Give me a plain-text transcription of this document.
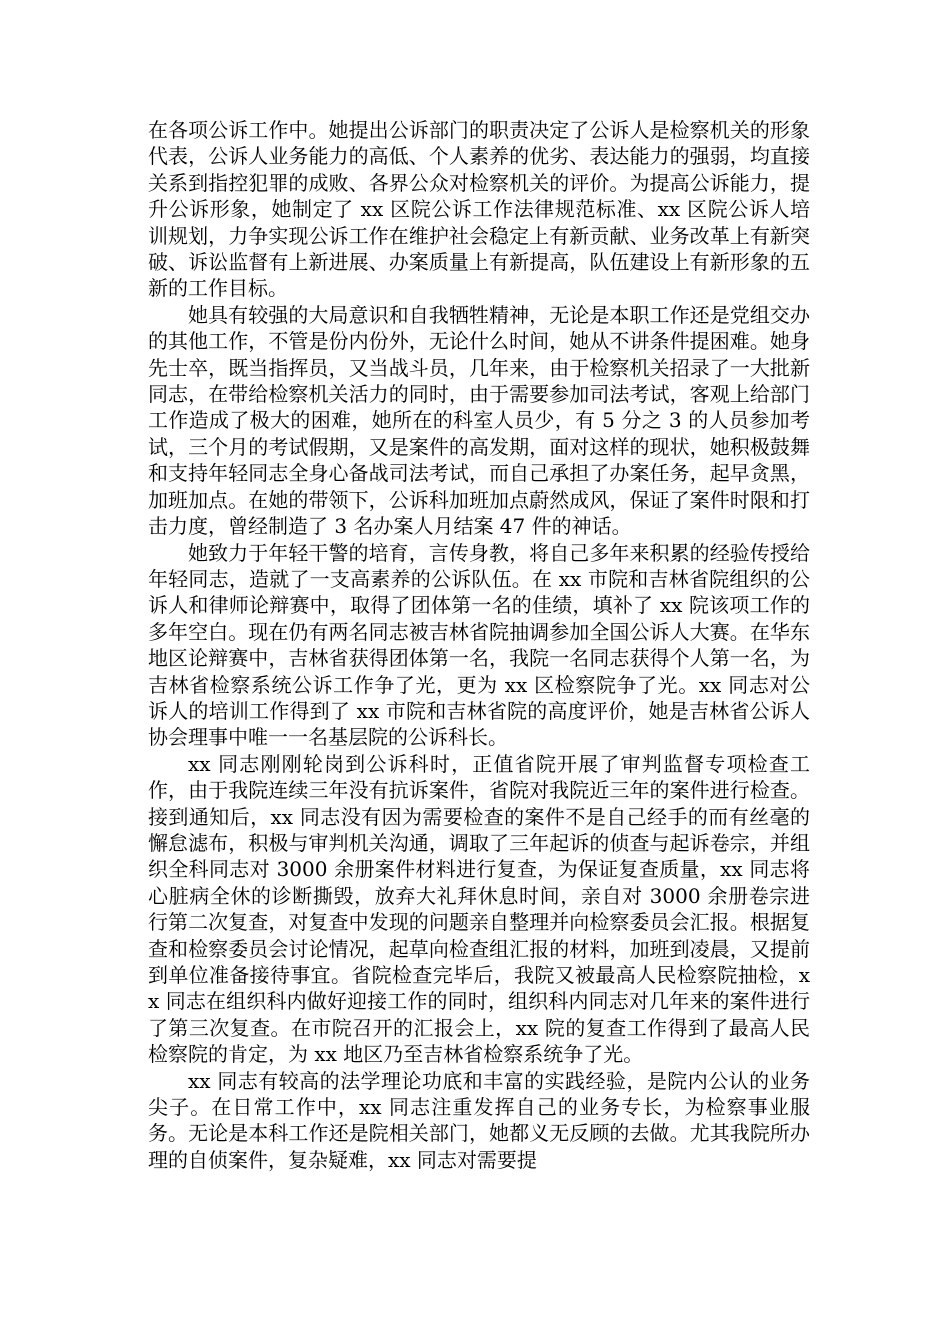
在各项公诉工作中。她提出公诉部门的职责决定了公诉人是检察机关的形象代表，公诉人业务能力的高低、个人素养的优劣、表达能力的强弱，均直接关系到指控犯罪的成败、各界公众对检察机关的评价。为提高公诉能力，提升公诉形象，她制定了 xx 区院公诉工作法律规范标准、xx 区院公诉人培训规划，力争实现公诉工作在维护社会稳定上有新贡献、业务改革上有新突破、诉讼监督有上新进展、办案质量上有新提高，队伍建设上有新形象的五新的工作目标。

她具有较强的大局意识和自我牺牲精神，无论是本职工作还是党组交办的其他工作，不管是份内份外，无论什么时间，她从不讲条件提困难。她身先士卒，既当指挥员，又当战斗员，几年来，由于检察机关招录了一大批新同志，在带给检察机关活力的同时，由于需要参加司法考试，客观上给部门工作造成了极大的困难，她所在的科室人员少，有 5 分之 3 的人员参加考试，三个月的考试假期，又是案件的高发期，面对这样的现状，她积极鼓舞和支持年轻同志全身心备战司法考试，而自己承担了办案任务，起早贪黑，加班加点。在她的带领下，公诉科加班加点蔚然成风，保证了案件时限和打击力度，曾经制造了 3 名办案人月结案 47 件的神话。

她致力于年轻干警的培育，言传身教，将自己多年来积累的经验传授给年轻同志，造就了一支高素养的公诉队伍。在 xx 市院和吉林省院组织的公诉人和律师论辩赛中，取得了团体第一名的佳绩，填补了 xx 院该项工作的多年空白。现在仍有两名同志被吉林省院抽调参加全国公诉人大赛。在华东地区论辩赛中，吉林省获得团体第一名，我院一名同志获得个人第一名，为吉林省检察系统公诉工作争了光，更为 xx 区检察院争了光。xx 同志对公诉人的培训工作得到了 xx 市院和吉林省院的高度评价，她是吉林省公诉人协会理事中唯一一名基层院的公诉科长。

xx 同志刚刚轮岗到公诉科时，正值省院开展了审判监督专项检查工作，由于我院连续三年没有抗诉案件，省院对我院近三年的案件进行检查。接到通知后，xx 同志没有因为需要检查的案件不是自己经手的而有丝毫的懈怠滤布，积极与审判机关沟通，调取了三年起诉的侦查与起诉卷宗，并组织全科同志对 3000 余册案件材料进行复查，为保证复查质量，xx 同志将心脏病全休的诊断撕毁，放弃大礼拜休息时间，亲自对 3000 余册卷宗进行第二次复查，对复查中发现的问题亲自整理并向检察委员会汇报。根据复查和检察委员会讨论情况，起草向检查组汇报的材料，加班到凌晨，又提前到单位准备接待事宜。省院检查完毕后，我院又被最高人民检察院抽检，xx 同志在组织科内做好迎接工作的同时，组织科内同志对几年来的案件进行了第三次复查。在市院召开的汇报会上，xx 院的复查工作得到了最高人民检察院的肯定，为 xx 地区乃至吉林省检察系统争了光。

xx 同志有较高的法学理论功底和丰富的实践经验，是院内公认的业务尖子。在日常工作中，xx 同志注重发挥自己的业务专长，为检察事业服务。无论是本科工作还是院相关部门，她都义无反顾的去做。尤其我院所办理的自侦案件，复杂疑难，xx 同志对需要提
